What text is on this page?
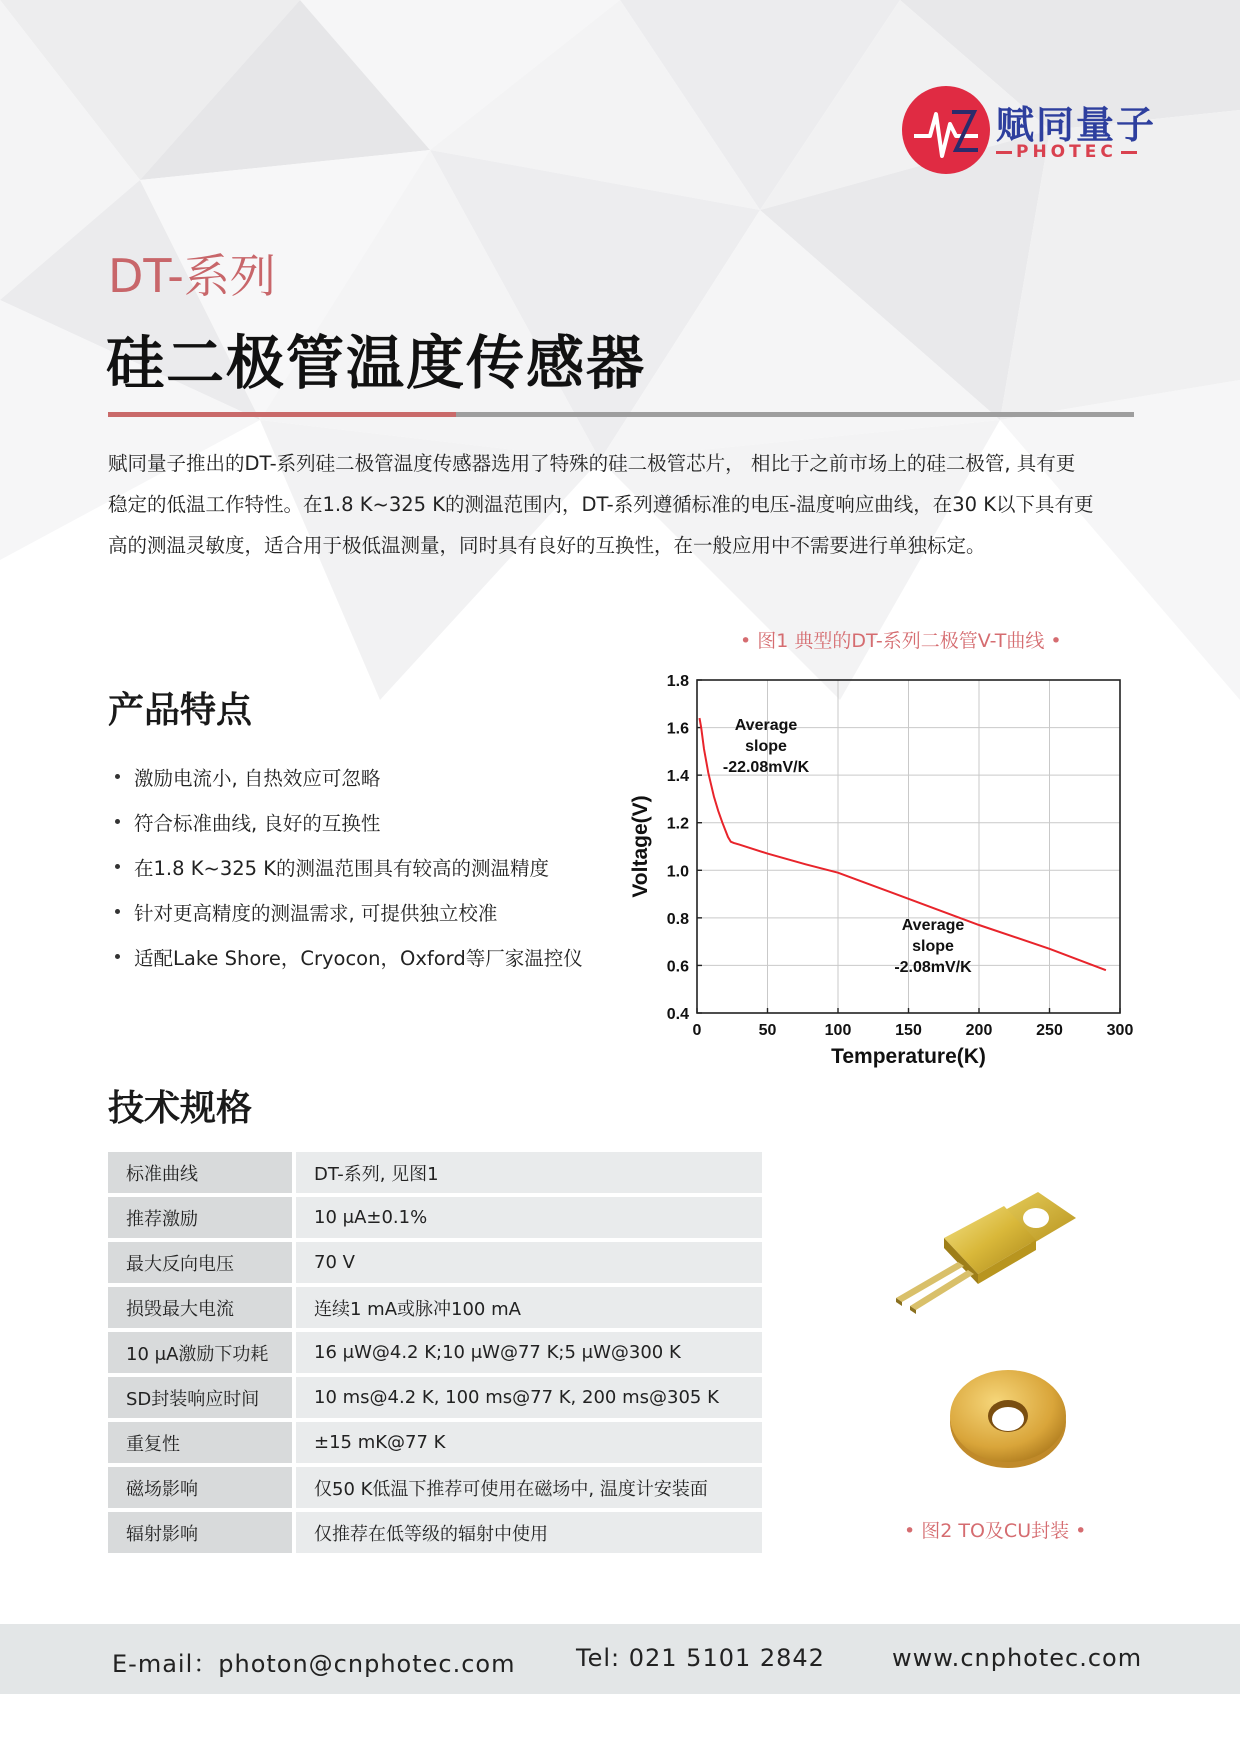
赋同量子
PHOTEC
DT-系列
硅二极管温度传感器

赋同量子推出的DT-系列硅二极管温度传感器选用了特殊的硅二极管芯片， 相比于之前市场上的硅二极管, 具有更

稳定的低温工作特性。在1.8 K~325 K的测温范围内，DT-系列遵循标准的电压-温度响应曲线，在30 K以下具有更

高的测温灵敏度，适合用于极低温测量，同时具有良好的互换性，在一般应用中不需要进行单独标定。

• 图1 典型的DT-系列二极管V-T曲线 •
产品特点
激励电流小, 自热效应可忽略
符合标准曲线, 良好的互换性
在1.8 K~325 K的测温范围具有较高的测温精度
针对更高精度的测温需求, 可提供独立校准
适配Lake Shore，Cryocon，Oxford等厂家温控仪
0	50	100	150	200	250	300
0.4
0.6
0.8
1.0
1.2
1.4
1.6
1.8
Temperature(K)
Voltage(V)
Average
slope
-22.08mV/K
Average
slope
-2.08mV/K
技术规格
标准曲线	DT-系列, 见图1
推荐激励	10 μA±0.1%
最大反向电压	70 V
损毁最大电流	连续1 mA或脉冲100 mA
10 μA激励下功耗	16 μW@4.2 K;10 μW@77 K;5 μW@300 K
SD封装响应时间	10 ms@4.2 K, 100 ms@77 K, 200 ms@305 K
重复性	±15 mK@77 K
磁场影响	仅50 K低温下推荐可使用在磁场中, 温度计安装面
辐射影响	仅推荐在低等级的辐射中使用	• 图2 TO及CU封装 •
E-mail：photon@cnphotec.com	Tel: 021 5101 2842	www.cnphotec.com
